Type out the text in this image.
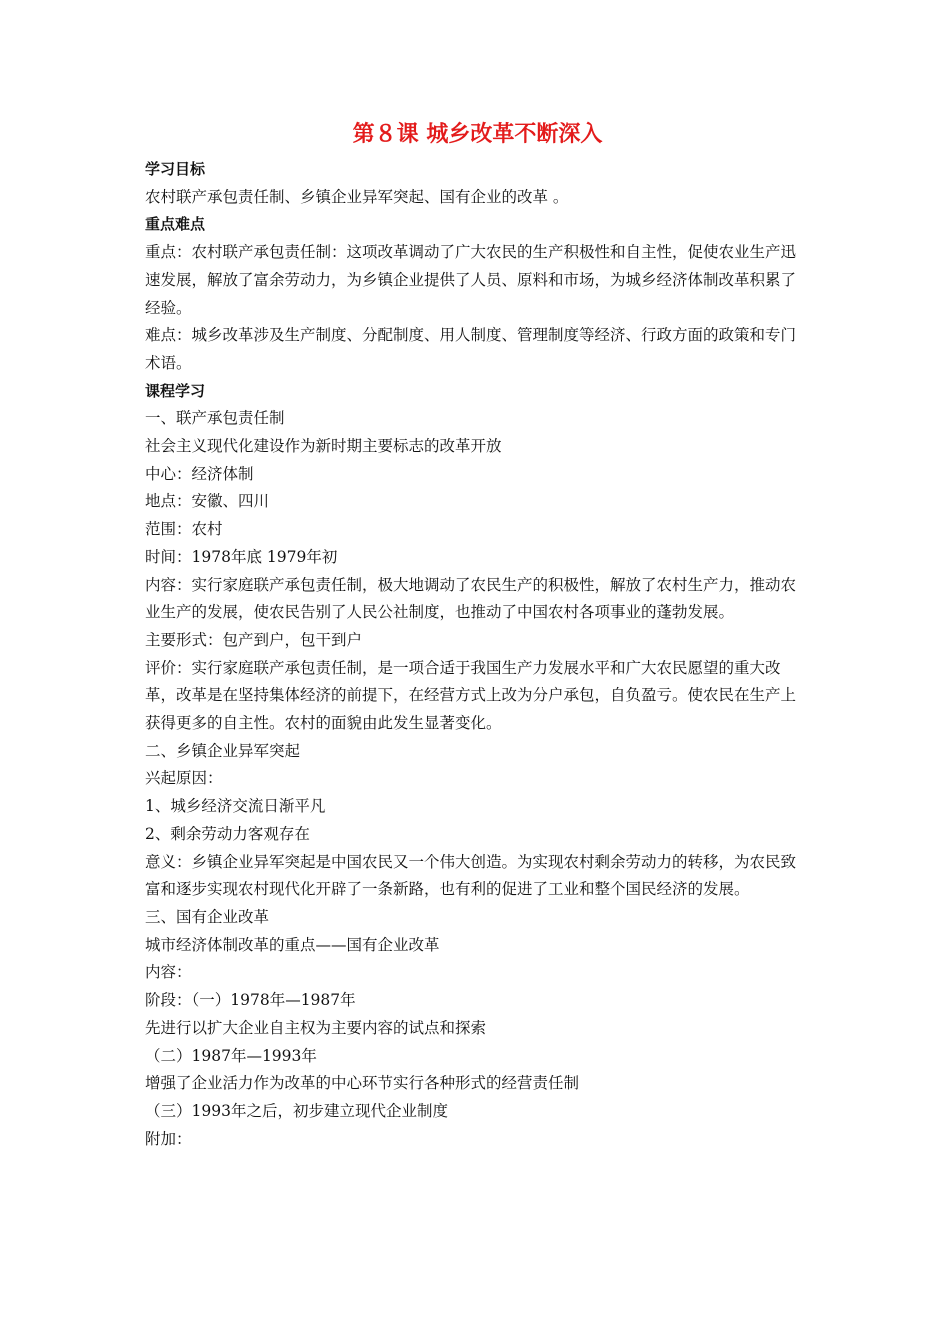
第８课 城乡改革不断深入

学习目标

农村联产承包责任制、乡镇企业异军突起、国有企业的改革 。

重点难点

重点：农村联产承包责任制：这项改革调动了广大农民的生产积极性和自主性，促使农业生产迅速发展，解放了富余劳动力，为乡镇企业提供了人员、原料和市场，为城乡经济体制改革积累了经验。

难点：城乡改革涉及生产制度、分配制度、用人制度、管理制度等经济、行政方面的政策和专门术语。

课程学习

一、联产承包责任制

社会主义现代化建设作为新时期主要标志的改革开放

中心：经济体制

地点：安徽、四川

范围：农村

时间：1978年底 1979年初

内容：实行家庭联产承包责任制，极大地调动了农民生产的积极性，解放了农村生产力，推动农业生产的发展，使农民告别了人民公社制度，也推动了中国农村各项事业的蓬勃发展。

主要形式：包产到户，包干到户

评价：实行家庭联产承包责任制，是一项合适于我国生产力发展水平和广大农民愿望的重大改革，改革是在坚持集体经济的前提下，在经营方式上改为分户承包，自负盈亏。使农民在生产上获得更多的自主性。农村的面貌由此发生显著变化。

二、乡镇企业异军突起

兴起原因：

1、城乡经济交流日渐平凡

2、剩余劳动力客观存在

意义：乡镇企业异军突起是中国农民又一个伟大创造。为实现农村剩余劳动力的转移，为农民致富和逐步实现农村现代化开辟了一条新路，也有利的促进了工业和整个国民经济的发展。

三、国有企业改革

城市经济体制改革的重点——国有企业改革

内容：

阶段：（一）1978年—1987年

先进行以扩大企业自主权为主要内容的试点和探索

（二）1987年—1993年

增强了企业活力作为改革的中心环节实行各种形式的经营责任制

（三）1993年之后，初步建立现代企业制度

附加：
